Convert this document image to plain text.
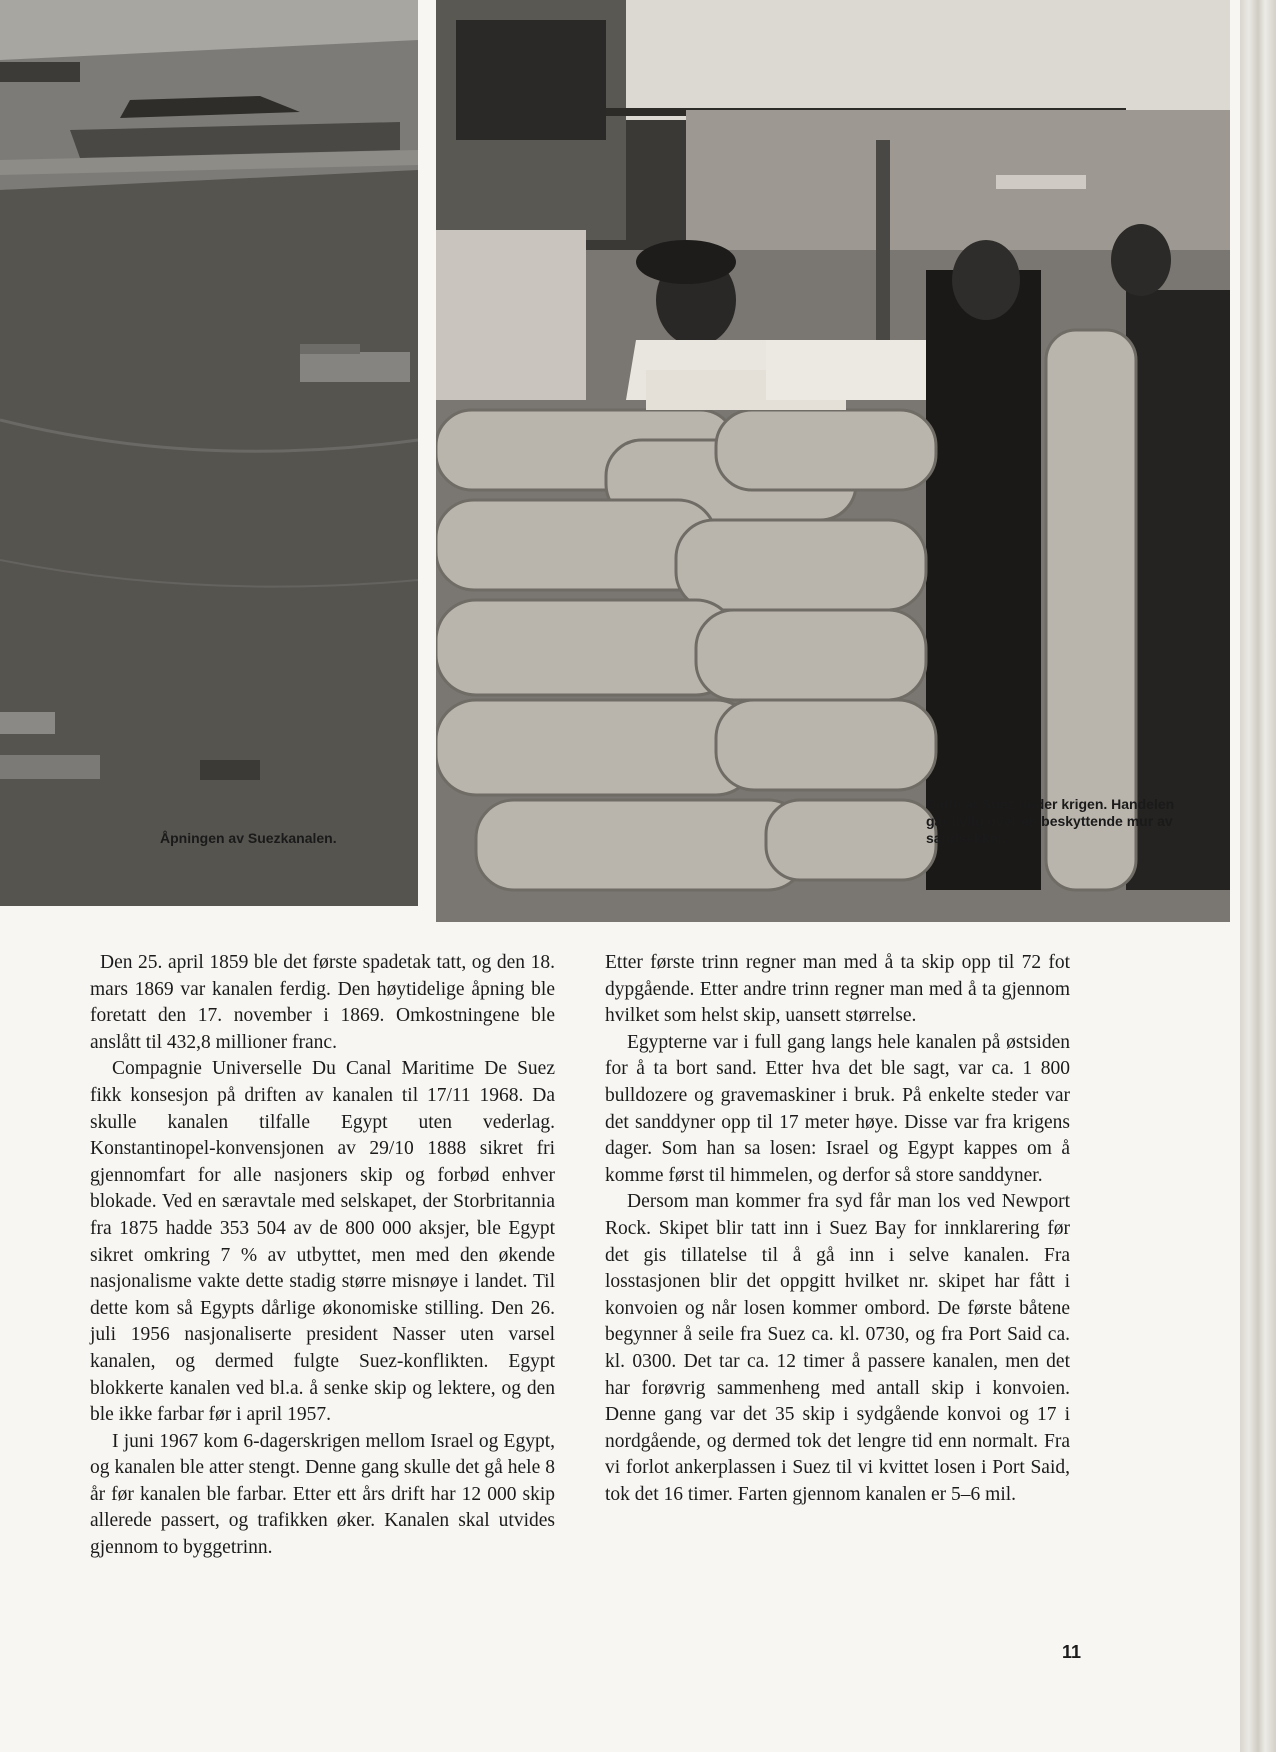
Åpningen av Suezkanalen.
Dette er Suez under krigen. Handelen går livlig over en beskyttende mur av sandsekker.

Den 25. april 1859 ble det første spadetak tatt, og den 18. mars 1869 var kanalen ferdig. Den høytidelige åpning ble foretatt den 17. november i 1869. Omkostningene ble anslått til 432,8 millioner franc.

Compagnie Universelle Du Canal Maritime De Suez fikk konsesjon på driften av kanalen til 17/11 1968. Da skulle kanalen tilfalle Egypt uten vederlag. Konstantinopel-konvensjonen av 29/10 1888 sikret fri gjennomfart for alle nasjoners skip og forbød enhver blokade. Ved en særavtale med selskapet, der Storbritannia fra 1875 hadde 353 504 av de 800 000 aksjer, ble Egypt sikret omkring 7 % av utbyttet, men med den økende nasjonalisme vakte dette stadig større misnøye i landet. Til dette kom så Egypts dårlige økonomiske stilling. Den 26. juli 1956 nasjonaliserte president Nasser uten varsel kanalen, og dermed fulgte Suez-konflikten. Egypt blokkerte kanalen ved bl.a. å senke skip og lektere, og den ble ikke farbar før i april 1957.

I juni 1967 kom 6-dagerskrigen mellom Israel og Egypt, og kanalen ble atter stengt. Denne gang skulle det gå hele 8 år før kanalen ble farbar. Etter ett års drift har 12 000 skip allerede passert, og trafikken øker. Kanalen skal utvides gjennom to byggetrinn.

Etter første trinn regner man med å ta skip opp til 72 fot dypgående. Etter andre trinn regner man med å ta gjennom hvilket som helst skip, uansett størrelse.

Egypterne var i full gang langs hele kanalen på østsiden for å ta bort sand. Etter hva det ble sagt, var ca. 1 800 bulldozere og gravemaskiner i bruk. På enkelte steder var det sanddyner opp til 17 meter høye. Disse var fra krigens dager. Som han sa losen: Israel og Egypt kappes om å komme først til himmelen, og derfor så store sanddyner.

Dersom man kommer fra syd får man los ved Newport Rock. Skipet blir tatt inn i Suez Bay for innklarering før det gis tillatelse til å gå inn i selve kanalen. Fra losstasjonen blir det oppgitt hvilket nr. skipet har fått i konvoien og når losen kommer ombord. De første båtene begynner å seile fra Suez ca. kl. 0730, og fra Port Said ca. kl. 0300. Det tar ca. 12 timer å passere kanalen, men det har forøvrig sammenheng med antall skip i konvoien. Denne gang var det 35 skip i sydgående konvoi og 17 i nordgående, og dermed tok det lengre tid enn normalt. Fra vi forlot ankerplassen i Suez til vi kvittet losen i Port Said, tok det 16 timer. Farten gjennom kanalen er 5–6 mil.

11
